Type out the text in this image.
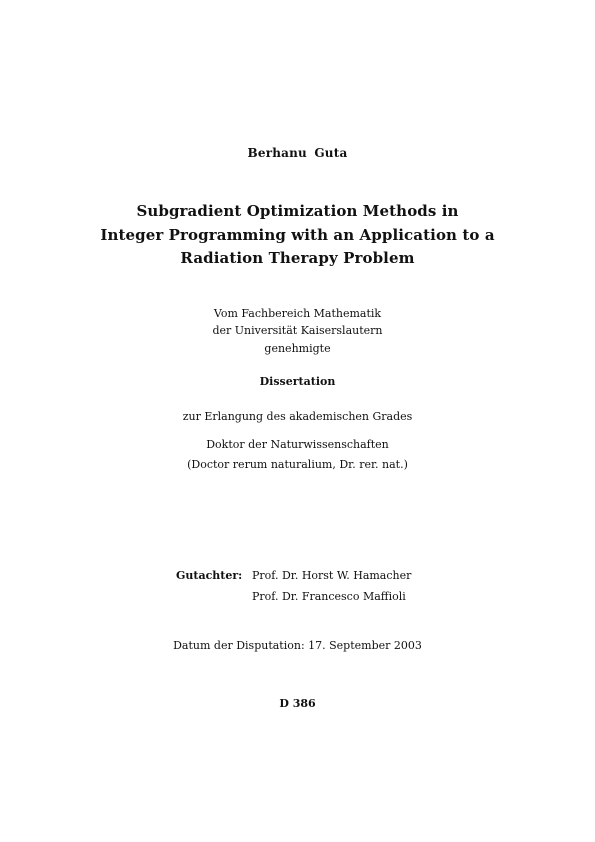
Berhanu Guta
Subgradient Optimization Methods in
Integer Programming with an Application to a
Radiation Therapy Problem
Vom Fachbereich Mathematik
der Universität Kaiserslautern
genehmigte
Dissertation
zur Erlangung des akademischen Grades
Doktor der Naturwissenschaften
(Doctor rerum naturalium, Dr. rer. nat.)
Gutachter: Prof. Dr. Horst W. Hamacher
Prof. Dr. Francesco Maffioli
Datum der Disputation: 17. September 2003
D 386
